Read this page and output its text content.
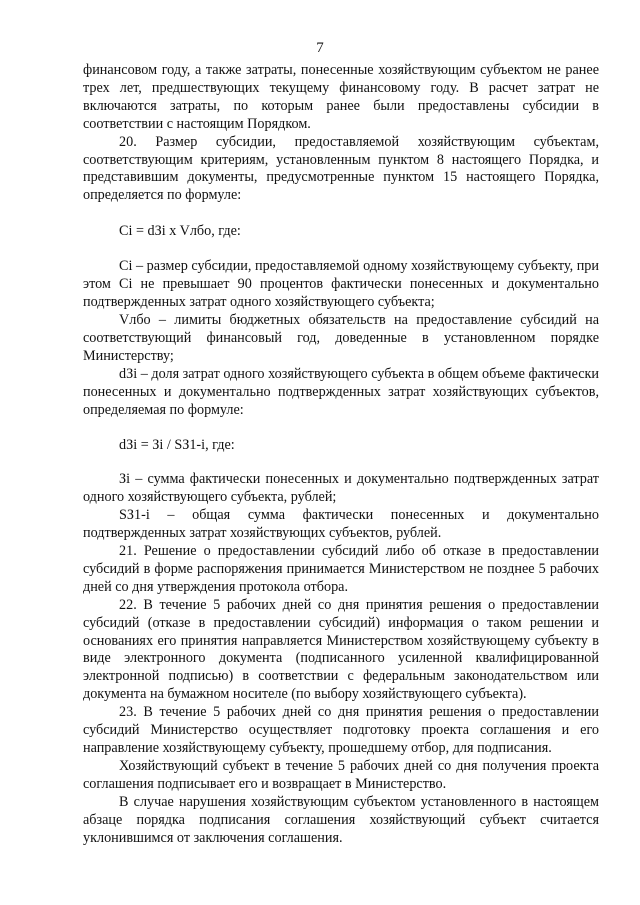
7

финансовом году, а также затраты, понесенные хозяйствующим субъектом не ранее трех лет, предшествующих текущему финансовому году. В расчет затрат не включаются затраты, по которым ранее были предоставлены субсидии в соответствии с настоящим Порядком.

20. Размер субсидии, предоставляемой хозяйствующим субъектам, соответствующим критериям, установленным пунктом 8 настоящего Порядка, и представившим документы, предусмотренные пунктом 15 настоящего Порядка, определяется по формуле:

Ci = dЗi x Vлбо, где:

Ci – размер субсидии, предоставляемой одному хозяйствующему субъекту, при этом Ci не превышает 90 процентов фактически понесенных и документально подтвержденных затрат одного хозяйствующего субъекта;

Vлбо – лимиты бюджетных обязательств на предоставление субсидий на соответствующий финансовый год, доведенные в установленном порядке Министерству;

dЗi – доля затрат одного хозяйствующего субъекта в общем объеме фактически понесенных и документально подтвержденных затрат хозяйствующих субъектов, определяемая по формуле:

dЗi = Зi / SЗ1-i, где:

Зi – сумма фактически понесенных и документально подтвержденных затрат одного хозяйствующего субъекта, рублей;

SЗ1-i – общая сумма фактически понесенных и документально подтвержденных затрат хозяйствующих субъектов, рублей.

21. Решение о предоставлении субсидий либо об отказе в предоставлении субсидий в форме распоряжения принимается Министерством не позднее 5 рабочих дней со дня утверждения протокола отбора.

22. В течение 5 рабочих дней со дня принятия решения о предоставлении субсидий (отказе в предоставлении субсидий) информация о таком решении и основаниях его принятия направляется Министерством хозяйствующему субъекту в виде электронного документа (подписанного усиленной квалифицированной электронной подписью) в соответствии с федеральным законодательством или документа на бумажном носителе (по выбору хозяйствующего субъекта).

23. В течение 5 рабочих дней со дня принятия решения о предоставлении субсидий Министерство осуществляет подготовку проекта соглашения и его направление хозяйствующему субъекту, прошедшему отбор, для подписания.

Хозяйствующий субъект в течение 5 рабочих дней со дня получения проекта соглашения подписывает его и возвращает в Министерство.

В случае нарушения хозяйствующим субъектом установленного в настоящем абзаце порядка подписания соглашения хозяйствующий субъект считается уклонившимся от заключения соглашения.
